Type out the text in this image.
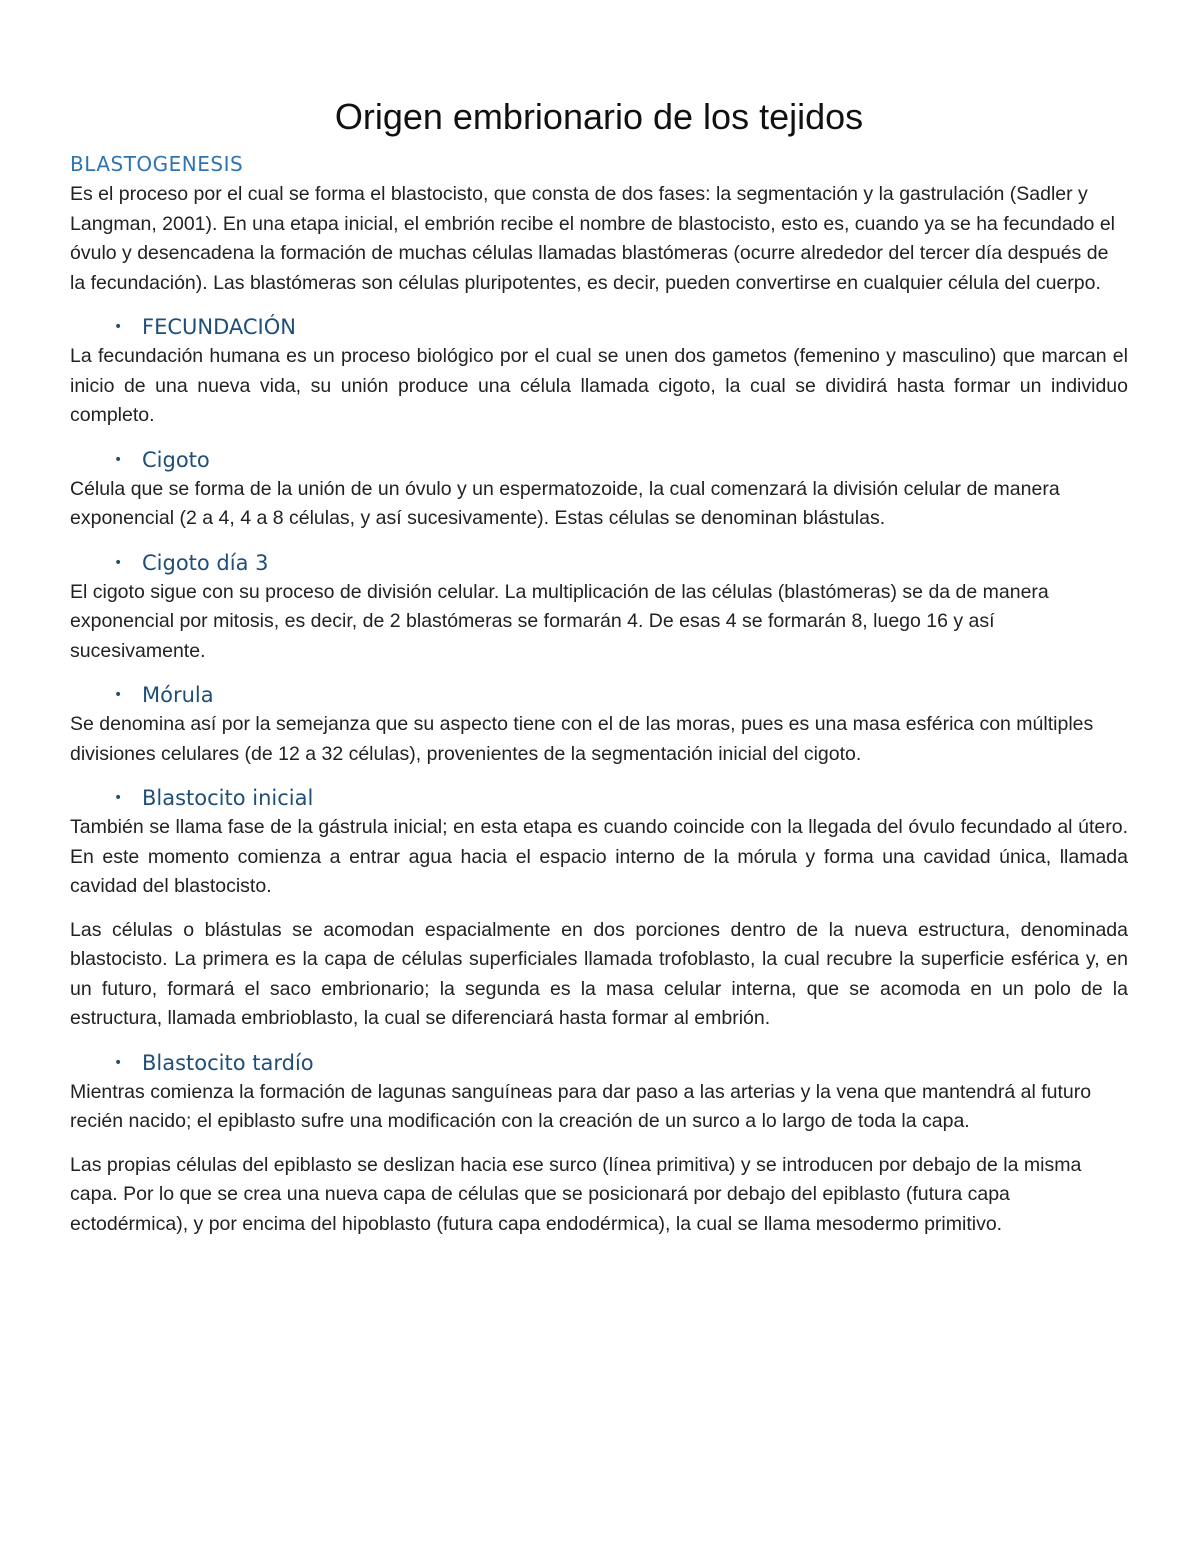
Origen embrionario de los tejidos
BLASTOGENESIS

Es el proceso por el cual se forma el blastocisto, que consta de dos fases: la segmentación y la gastrulación (Sadler y Langman, 2001). En una etapa inicial, el embrión recibe el nombre de blastocisto, esto es, cuando ya se ha fecundado el óvulo y desencadena la formación de muchas células llamadas blastómeras (ocurre alrededor del tercer día después de la fecundación). Las blastómeras son células pluripotentes, es decir, pueden convertirse en cualquier célula del cuerpo.

• FECUNDACIÓN

La fecundación humana es un proceso biológico por el cual se unen dos gametos (femenino y masculino) que marcan el inicio de una nueva vida, su unión produce una célula llamada cigoto, la cual se dividirá hasta formar un individuo completo.

• Cigoto

Célula que se forma de la unión de un óvulo y un espermatozoide, la cual comenzará la división celular de manera exponencial (2 a 4, 4 a 8 células, y así sucesivamente). Estas células se denominan blástulas.

• Cigoto día 3

El cigoto sigue con su proceso de división celular. La multiplicación de las células (blastómeras) se da de manera exponencial por mitosis, es decir, de 2 blastómeras se formarán 4. De esas 4 se formarán 8, luego 16 y así sucesivamente.

• Mórula

Se denomina así por la semejanza que su aspecto tiene con el de las moras, pues es una masa esférica con múltiples divisiones celulares (de 12 a 32 células), provenientes de la segmentación inicial del cigoto.

• Blastocito inicial

También se llama fase de la gástrula inicial; en esta etapa es cuando coincide con la llegada del óvulo fecundado al útero. En este momento comienza a entrar agua hacia el espacio interno de la mórula y forma una cavidad única, llamada cavidad del blastocisto.

Las células o blástulas se acomodan espacialmente en dos porciones dentro de la nueva estructura, denominada blastocisto. La primera es la capa de células superficiales llamada trofoblasto, la cual recubre la superficie esférica y, en un futuro, formará el saco embrionario; la segunda es la masa celular interna, que se acomoda en un polo de la estructura, llamada embrioblasto, la cual se diferenciará hasta formar al embrión.

• Blastocito tardío

Mientras comienza la formación de lagunas sanguíneas para dar paso a las arterias y la vena que mantendrá al futuro recién nacido; el epiblasto sufre una modificación con la creación de un surco a lo largo de toda la capa.

Las propias células del epiblasto se deslizan hacia ese surco (línea primitiva) y se introducen por debajo de la misma capa. Por lo que se crea una nueva capa de células que se posicionará por debajo del epiblasto (futura capa ectodérmica), y por encima del hipoblasto (futura capa endodérmica), la cual se llama mesodermo primitivo.
